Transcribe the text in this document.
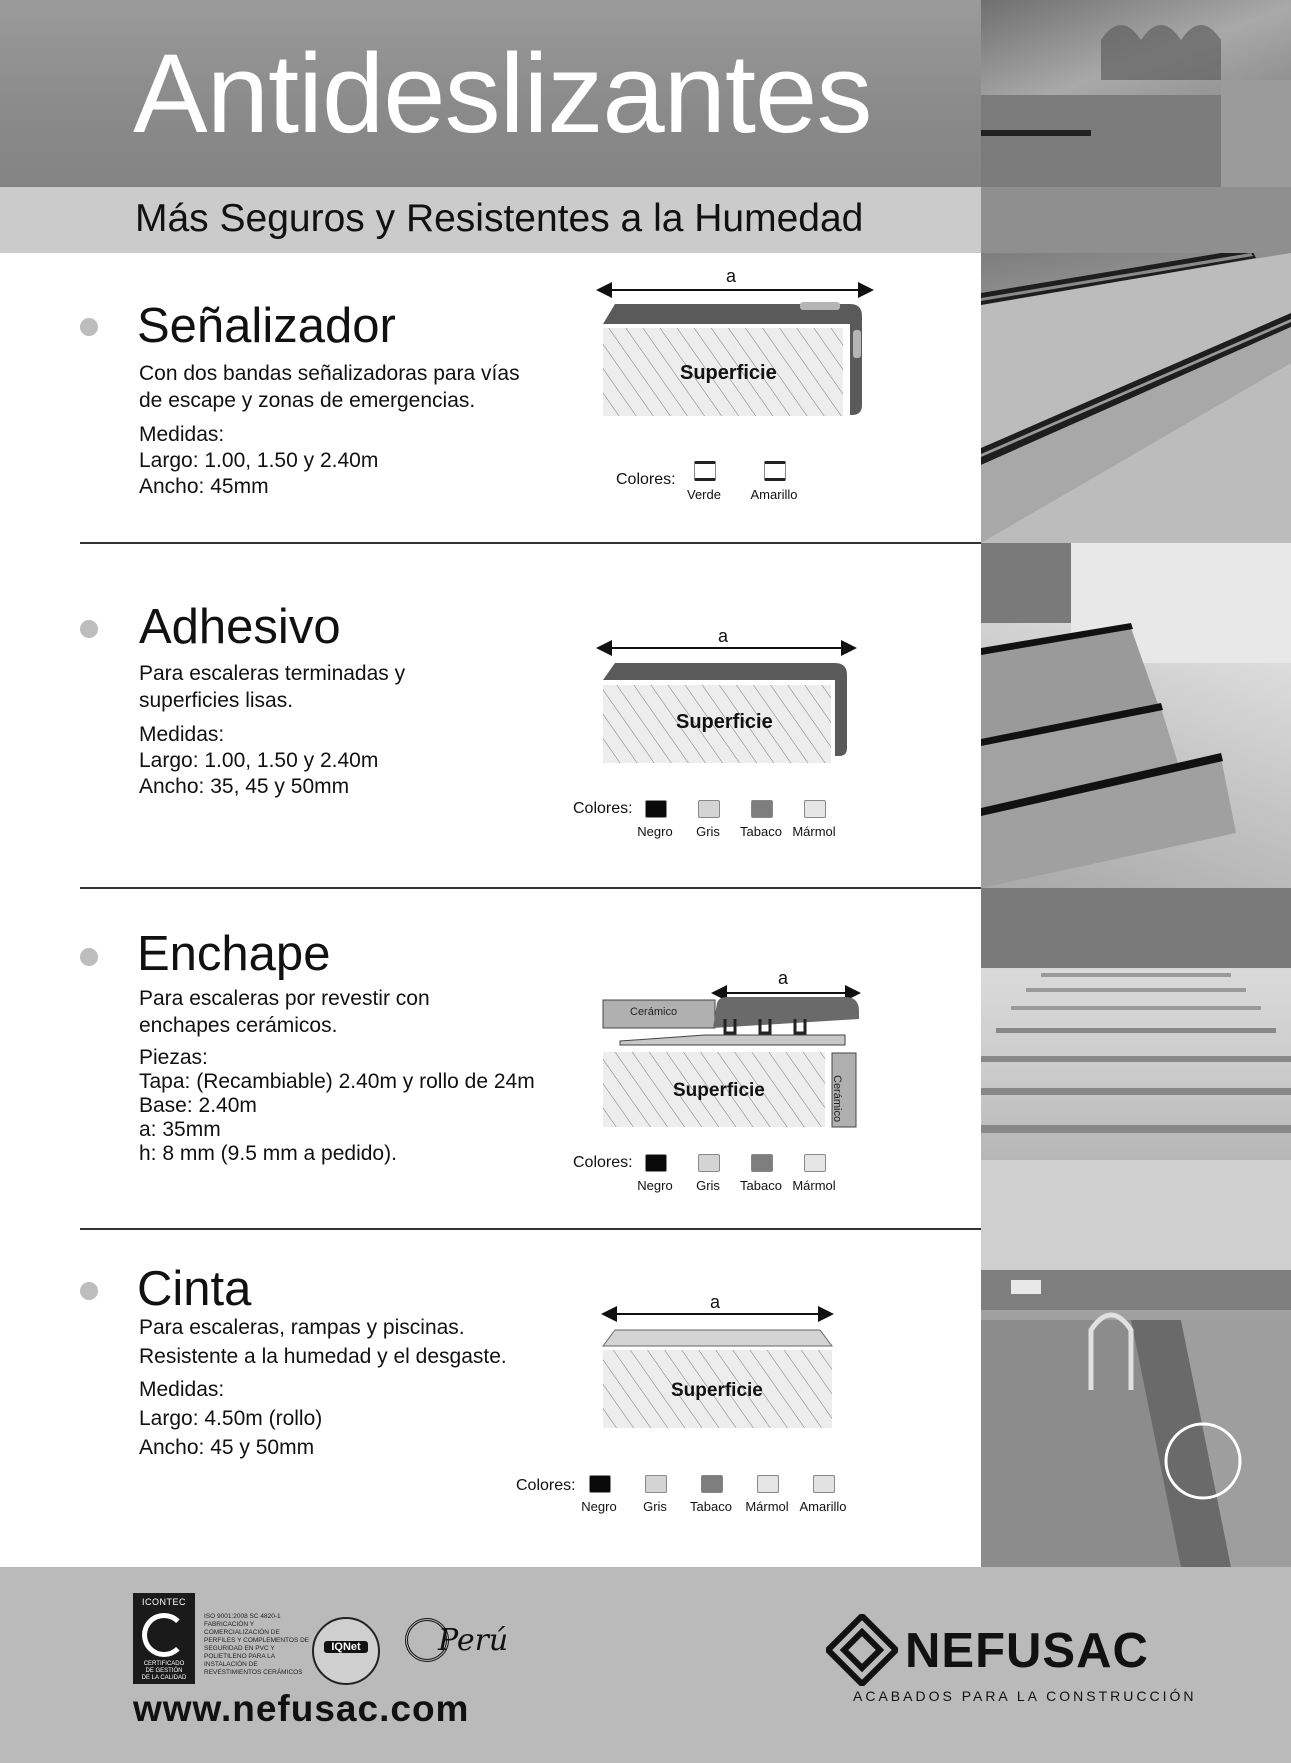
Antideslizantes
Más Seguros y Resistentes a la Humedad
Señalizador
Con dos bandas señalizadoras para vías
de escape y zonas de emergencias.
Medidas:
Largo: 1.00, 1.50 y 2.40m
Ancho: 45mm
a
Superficie
Colores:
Verde	Amarillo
Adhesivo
Para escaleras terminadas y
superficies lisas.
Medidas:
Largo: 1.00, 1.50 y 2.40m
Ancho: 35, 45 y 50mm
a
Superficie
Colores:
Negro	Gris	Tabaco Mármol
Enchape
Para escaleras por revestir con
enchapes cerámicos.
Piezas:
Tapa: (Recambiable) 2.40m y rollo de 24m
Base: 2.40m
a: 35mm
h: 8 mm (9.5 mm a pedido).
a
Cerámico
Superficie	Cerámico
Colores:
Negro	Gris	Tabaco Mármol
Cinta
Para escaleras, rampas y piscinas.
Resistente a la humedad y el desgaste.
Medidas:
Largo: 4.50m (rollo)
Ancho: 45 y 50mm
a
Superficie
Colores:
Negro	Gris	Tabaco	Mármol Amarillo
ICONTEC
CERTIFICADO
DE GESTIÓN
DE LA CALIDAD
ISO 9001:2008 SC 4820-1 FABRICACIÓN Y COMERCIALIZACIÓN DE PERFILES Y COMPLEMENTOS DE SEGURIDAD EN PVC Y POLIETILENO PARA LA INSTALACIÓN DE REVESTIMIENTOS CERÁMICOS
IQNet	Perú
www.nefusac.com
NEFUSAC
ACABADOS PARA LA CONSTRUCCIÓN
